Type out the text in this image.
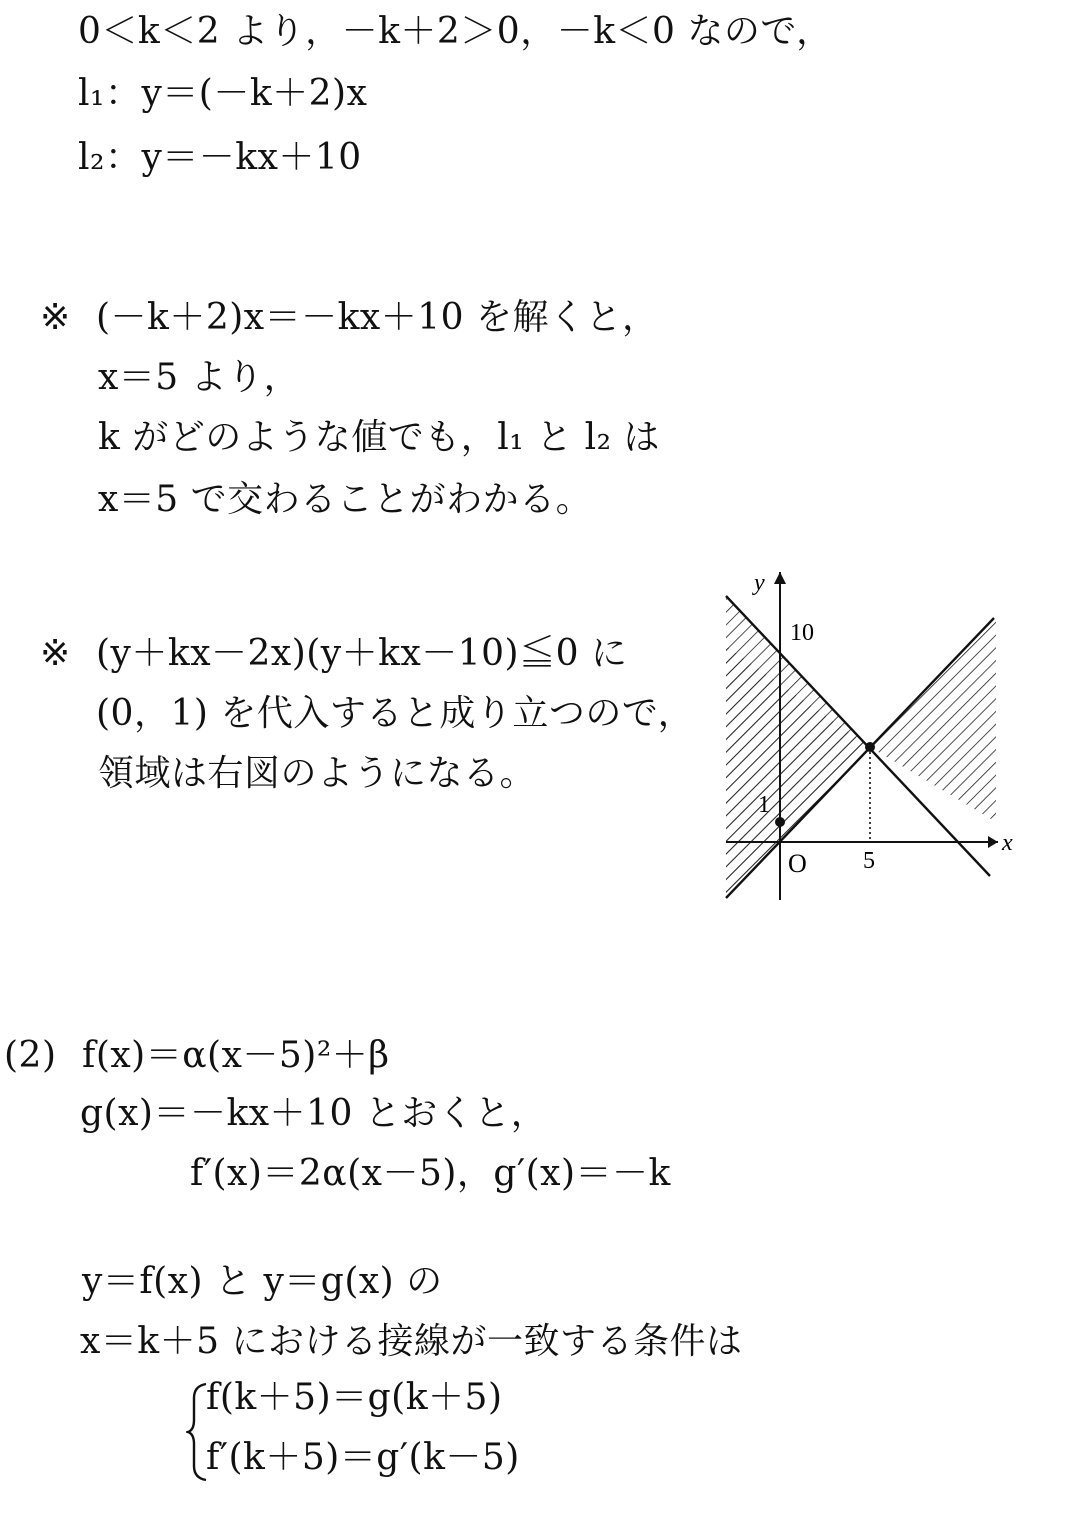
0＜k＜2 より，－k＋2＞0，－k＜0 なので，
l₁：y＝(－k＋2)x
l₂：y＝－kx＋10
※ (－k＋2)x＝－kx＋10 を解くと，
x＝5 より，
k がどのような値でも，l₁ と l₂ は
x＝5 で交わることがわかる。
※ (y＋kx－2x)(y＋kx－10)≦0 に
(0，1) を代入すると成り立つので，
領域は右図のようになる。
y
x
O
10
1
5
(2) f(x)＝α(x－5)²＋β
g(x)＝－kx＋10 とおくと，
f′(x)＝2α(x－5)，g′(x)＝－k
y＝f(x) と y＝g(x) の
x＝k＋5 における接線が一致する条件は
f(k＋5)＝g(k＋5)
f′(k＋5)＝g′(k－5)
